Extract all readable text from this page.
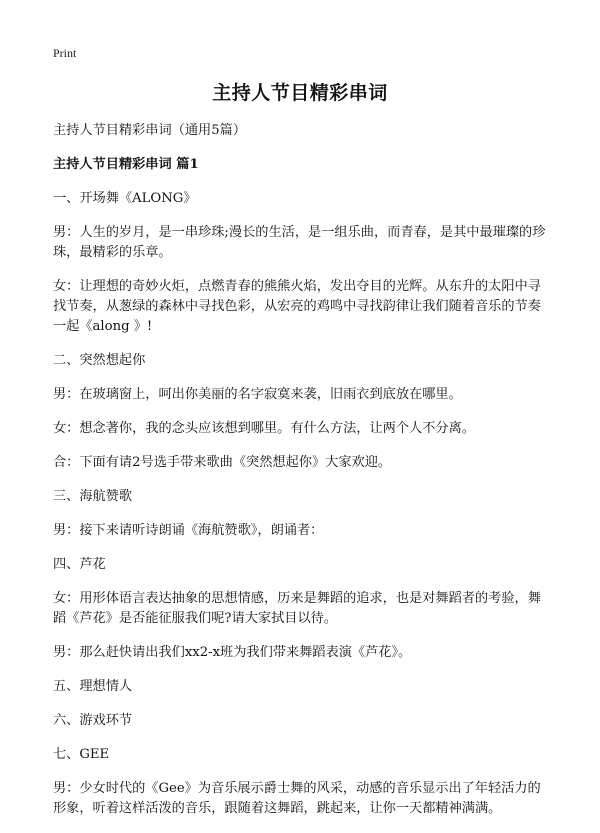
Print
主持人节目精彩串词

主持人节目精彩串词（通用5篇）

主持人节目精彩串词 篇1

一、开场舞《ALONG》

男：人生的岁月，是一串珍珠;漫长的生活，是一组乐曲，而青春，是其中最璀璨的珍珠，最精彩的乐章。

女：让理想的奇妙火炬，点燃青春的熊熊火焰，发出夺目的光辉。从东升的太阳中寻找节奏，从葱绿的森林中寻找色彩，从宏亮的鸡鸣中寻找韵律让我们随着音乐的节奏一起《along 》!

二、突然想起你

男：在玻璃窗上，呵出你美丽的名字寂寞来袭，旧雨衣到底放在哪里。

女：想念著你，我的念头应该想到哪里。有什么方法，让两个人不分离。

合：下面有请2号选手带来歌曲《突然想起你》大家欢迎。

三、海航赞歌

男：接下来请听诗朗诵《海航赞歌》，朗诵者：

四、芦花

女：用形体语言表达抽象的思想情感，历来是舞蹈的追求，也是对舞蹈者的考验，舞蹈《芦花》是否能征服我们呢?请大家拭目以待。

男：那么赶快请出我们xx2-x班为我们带来舞蹈表演《芦花》。

五、理想情人

六、游戏环节

七、GEE

男：少女时代的《Gee》为音乐展示爵士舞的风采，动感的音乐显示出了年轻活力的形象，听着这样活泼的音乐，跟随着这舞蹈，跳起来，让你一天都精神满满。
